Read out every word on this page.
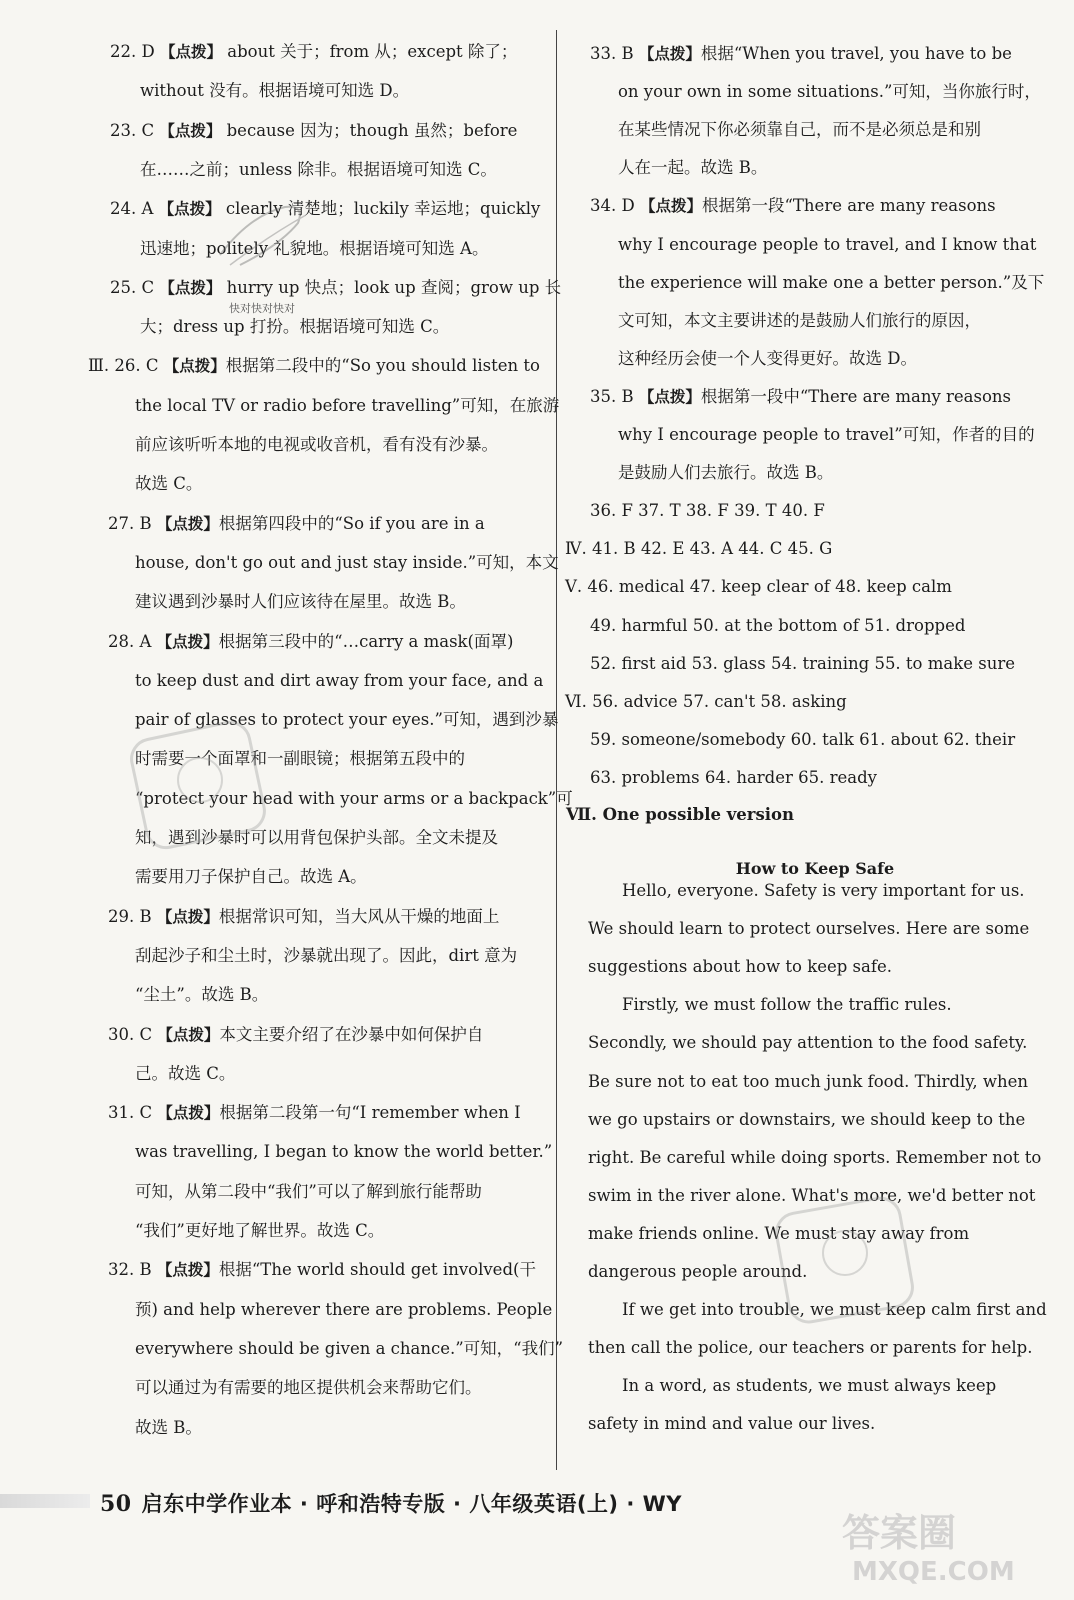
22. D 【点拨】 about 关于；from 从；except 除了；
without 没有。根据语境可知选 D。
23. C 【点拨】 because 因为；though 虽然；before
在……之前；unless 除非。根据语境可知选 C。
24. A 【点拨】 clearly 清楚地；luckily 幸运地；quickly
迅速地；politely 礼貌地。根据语境可知选 A。
25. C 【点拨】 hurry up 快点；look up 查阅；grow up 长
大；dress up 打扮。根据语境可知选 C。
Ⅲ. 26. C 【点拨】根据第二段中的“So you should listen to
the local TV or radio before travelling”可知，在旅游
前应该听听本地的电视或收音机，看有没有沙暴。
故选 C。
27. B 【点拨】根据第四段中的“So if you are in a
house, don't go out and just stay inside.”可知，本文
建议遇到沙暴时人们应该待在屋里。故选 B。
28. A 【点拨】根据第三段中的“…carry a mask(面罩)
to keep dust and dirt away from your face, and a
pair of glasses to protect your eyes.”可知，遇到沙暴
时需要一个面罩和一副眼镜；根据第五段中的
“protect your head with your arms or a backpack”可
知，遇到沙暴时可以用背包保护头部。全文未提及
需要用刀子保护自己。故选 A。
29. B 【点拨】根据常识可知，当大风从干燥的地面上
刮起沙子和尘土时，沙暴就出现了。因此，dirt 意为
“尘土”。故选 B。
30. C 【点拨】本文主要介绍了在沙暴中如何保护自
己。故选 C。
31. C 【点拨】根据第二段第一句“I remember when I
was travelling, I began to know the world better.”
可知，从第二段中“我们”可以了解到旅行能帮助
“我们”更好地了解世界。故选 C。
32. B 【点拨】根据“The world should get involved(干
预) and help wherever there are problems. People
everywhere should be given a chance.”可知，“我们”
可以通过为有需要的地区提供机会来帮助它们。
故选 B。
33. B 【点拨】根据“When you travel, you have to be
on your own in some situations.”可知，当你旅行时，
在某些情况下你必须靠自己，而不是必须总是和别
人在一起。故选 B。
34. D 【点拨】根据第一段“There are many reasons
why I encourage people to travel, and I know that
the experience will make one a better person.”及下
文可知，本文主要讲述的是鼓励人们旅行的原因，
这种经历会使一个人变得更好。故选 D。
35. B 【点拨】根据第一段中“There are many reasons
why I encourage people to travel”可知，作者的目的
是鼓励人们去旅行。故选 B。
36. F 37. T 38. F 39. T 40. F
Ⅳ. 41. B 42. E 43. A 44. C 45. G
Ⅴ. 46. medical 47. keep clear of 48. keep calm
49. harmful 50. at the bottom of 51. dropped
52. first aid 53. glass 54. training 55. to make sure
Ⅵ. 56. advice 57. can't 58. asking
59. someone/somebody 60. talk 61. about 62. their
63. problems 64. harder 65. ready
Ⅶ. One possible version
How to Keep Safe
Hello, everyone. Safety is very important for us.
We should learn to protect ourselves. Here are some
suggestions about how to keep safe.
Firstly, we must follow the traffic rules.
Secondly, we should pay attention to the food safety.
Be sure not to eat too much junk food. Thirdly, when
we go upstairs or downstairs, we should keep to the
right. Be careful while doing sports. Remember not to
swim in the river alone. What's more, we'd better not
make friends online. We must stay away from
dangerous people around.
If we get into trouble, we must keep calm first and
then call the police, our teachers or parents for help.
In a word, as students, we must always keep
safety in mind and value our lives.
快对快对快对
50 启东中学作业本 · 呼和浩特专版 · 八年级英语(上) · WY
答案圈
MXQE.COM
